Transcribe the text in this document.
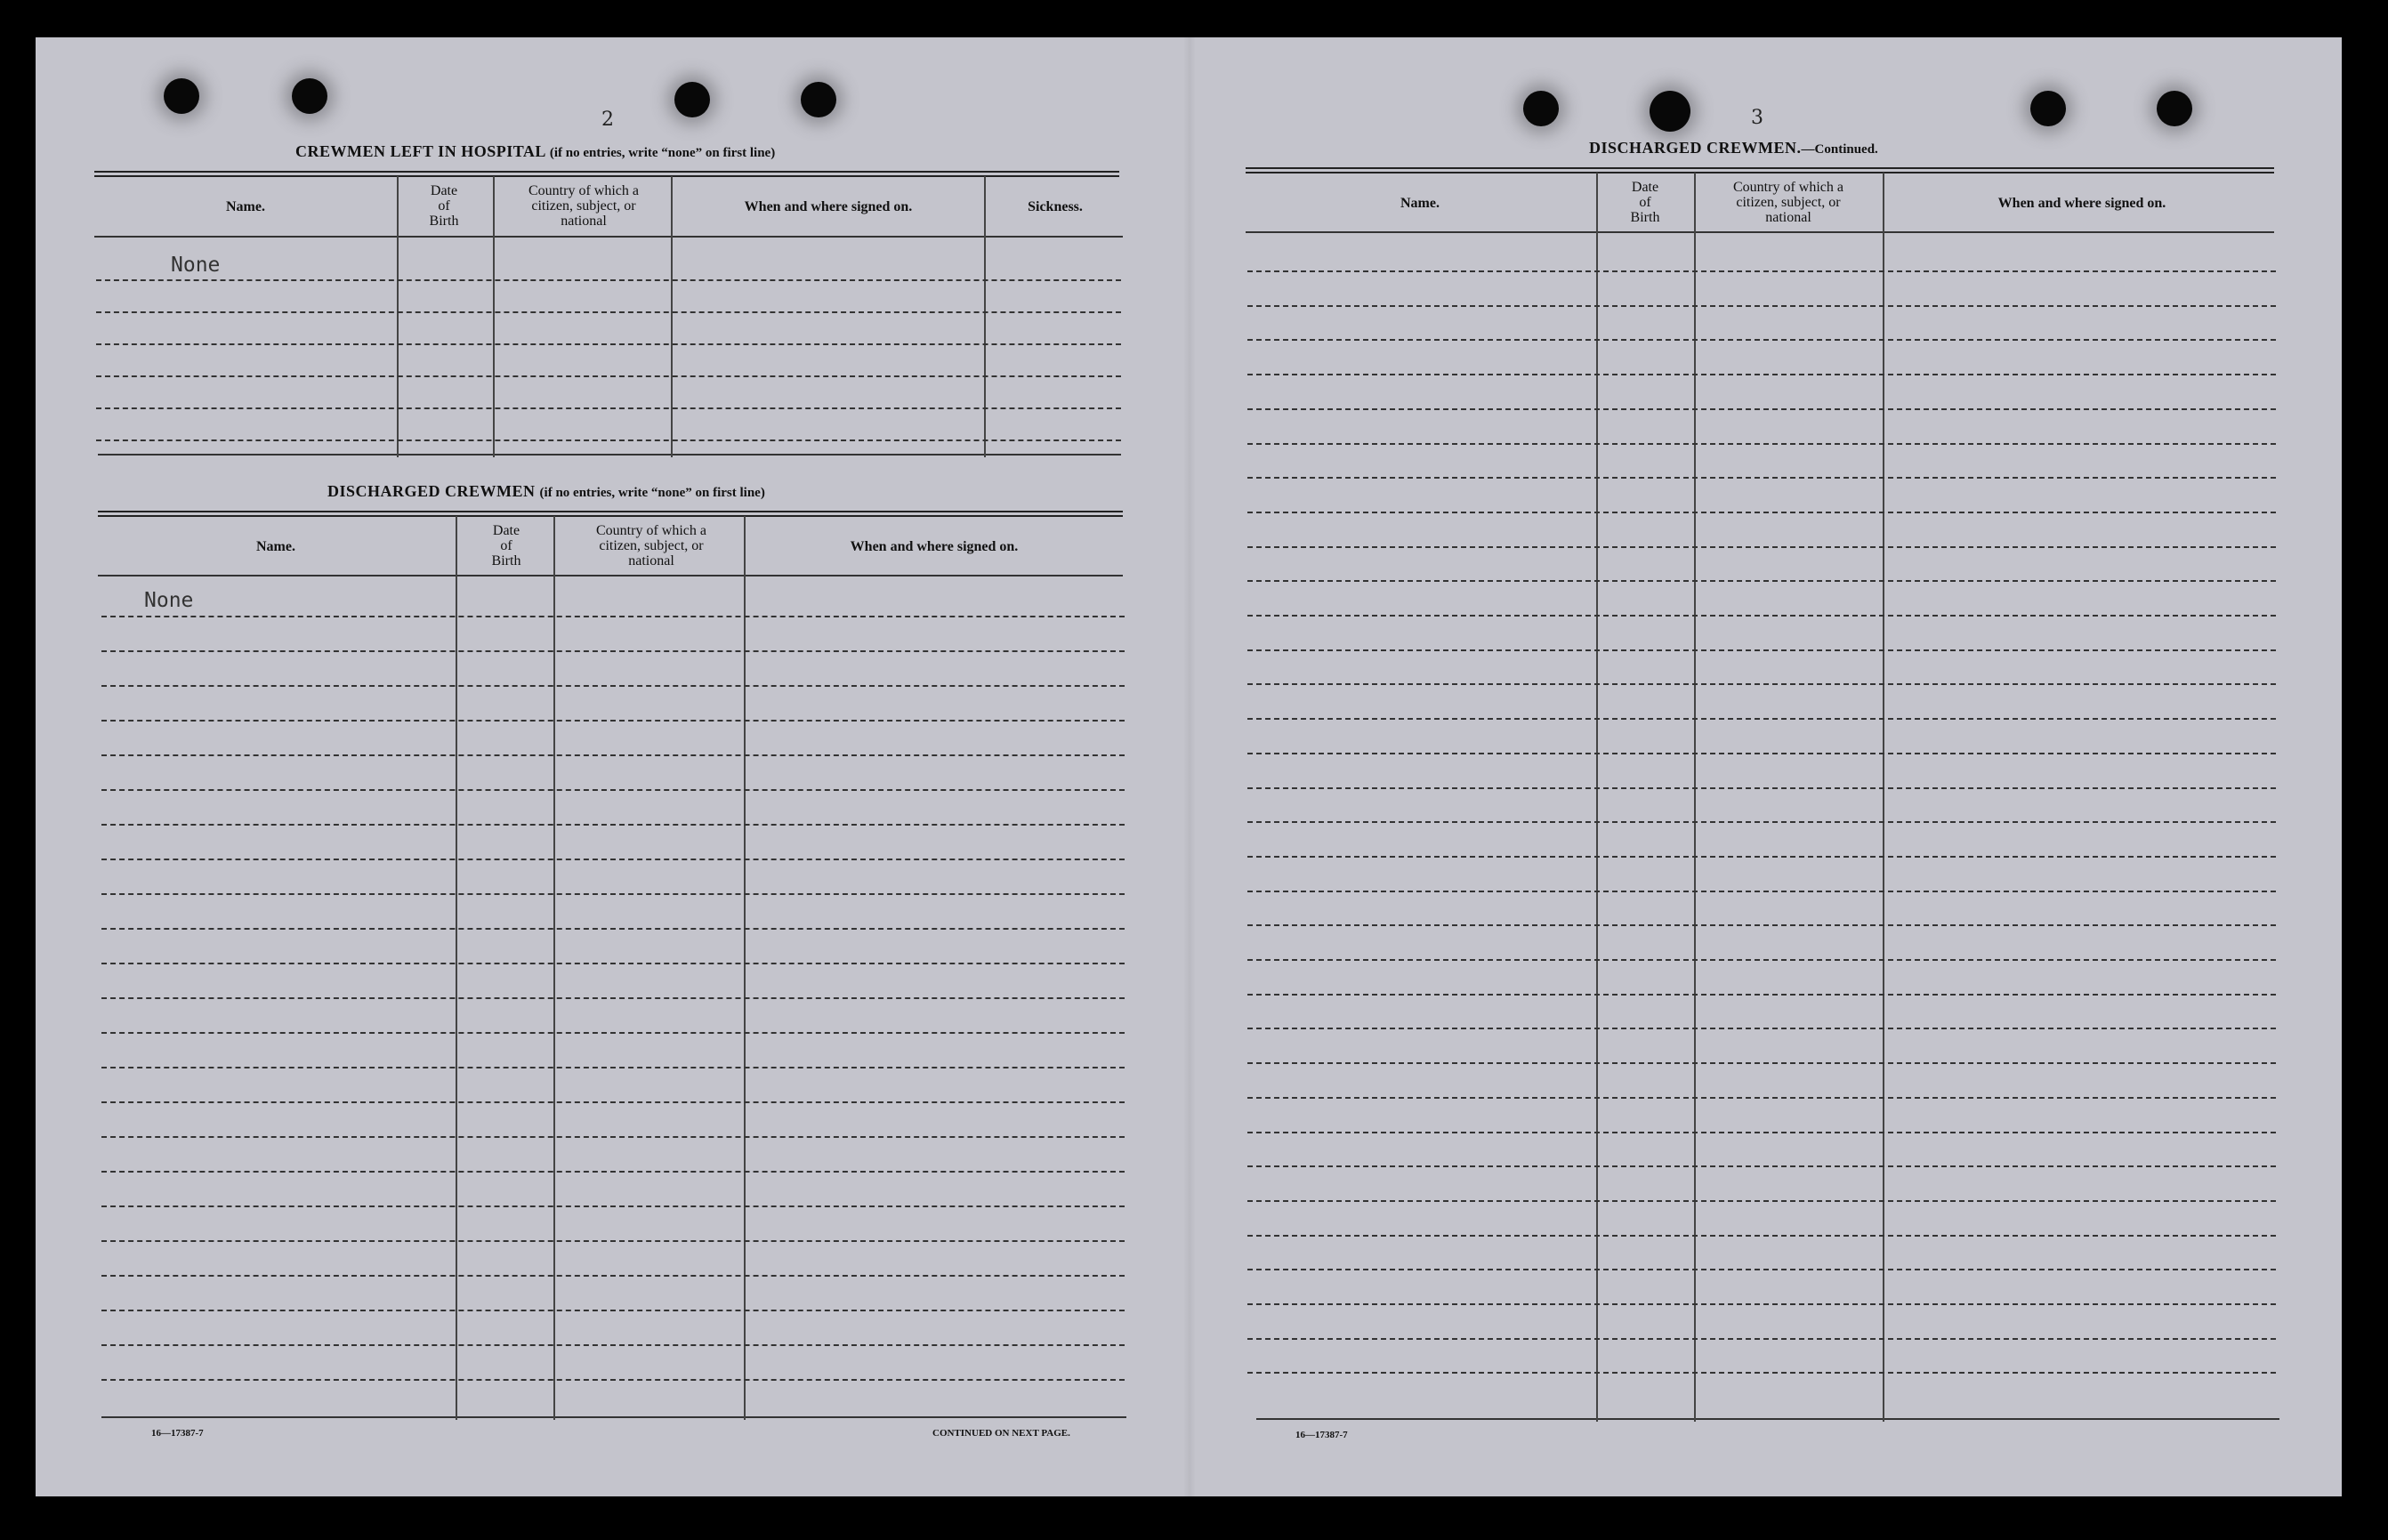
2
CREWMEN LEFT IN HOSPITAL (if no entries, write “none” on first line)
Name.
Date
of
Birth
Country of which a
citizen, subject, or
national
When and where signed on.	Sickness.
None
DISCHARGED CREWMEN (if no entries, write “none” on first line)
Name.
Date
of
Birth
Country of which a
citizen, subject, or
national
When and where signed on.
None
16—17387-7	CONTINUED ON NEXT PAGE.
3
DISCHARGED CREWMEN.—Continued.
Name.
Date
of
Birth
Country of which a
citizen, subject, or
national
When and where signed on.
16—17387-7
